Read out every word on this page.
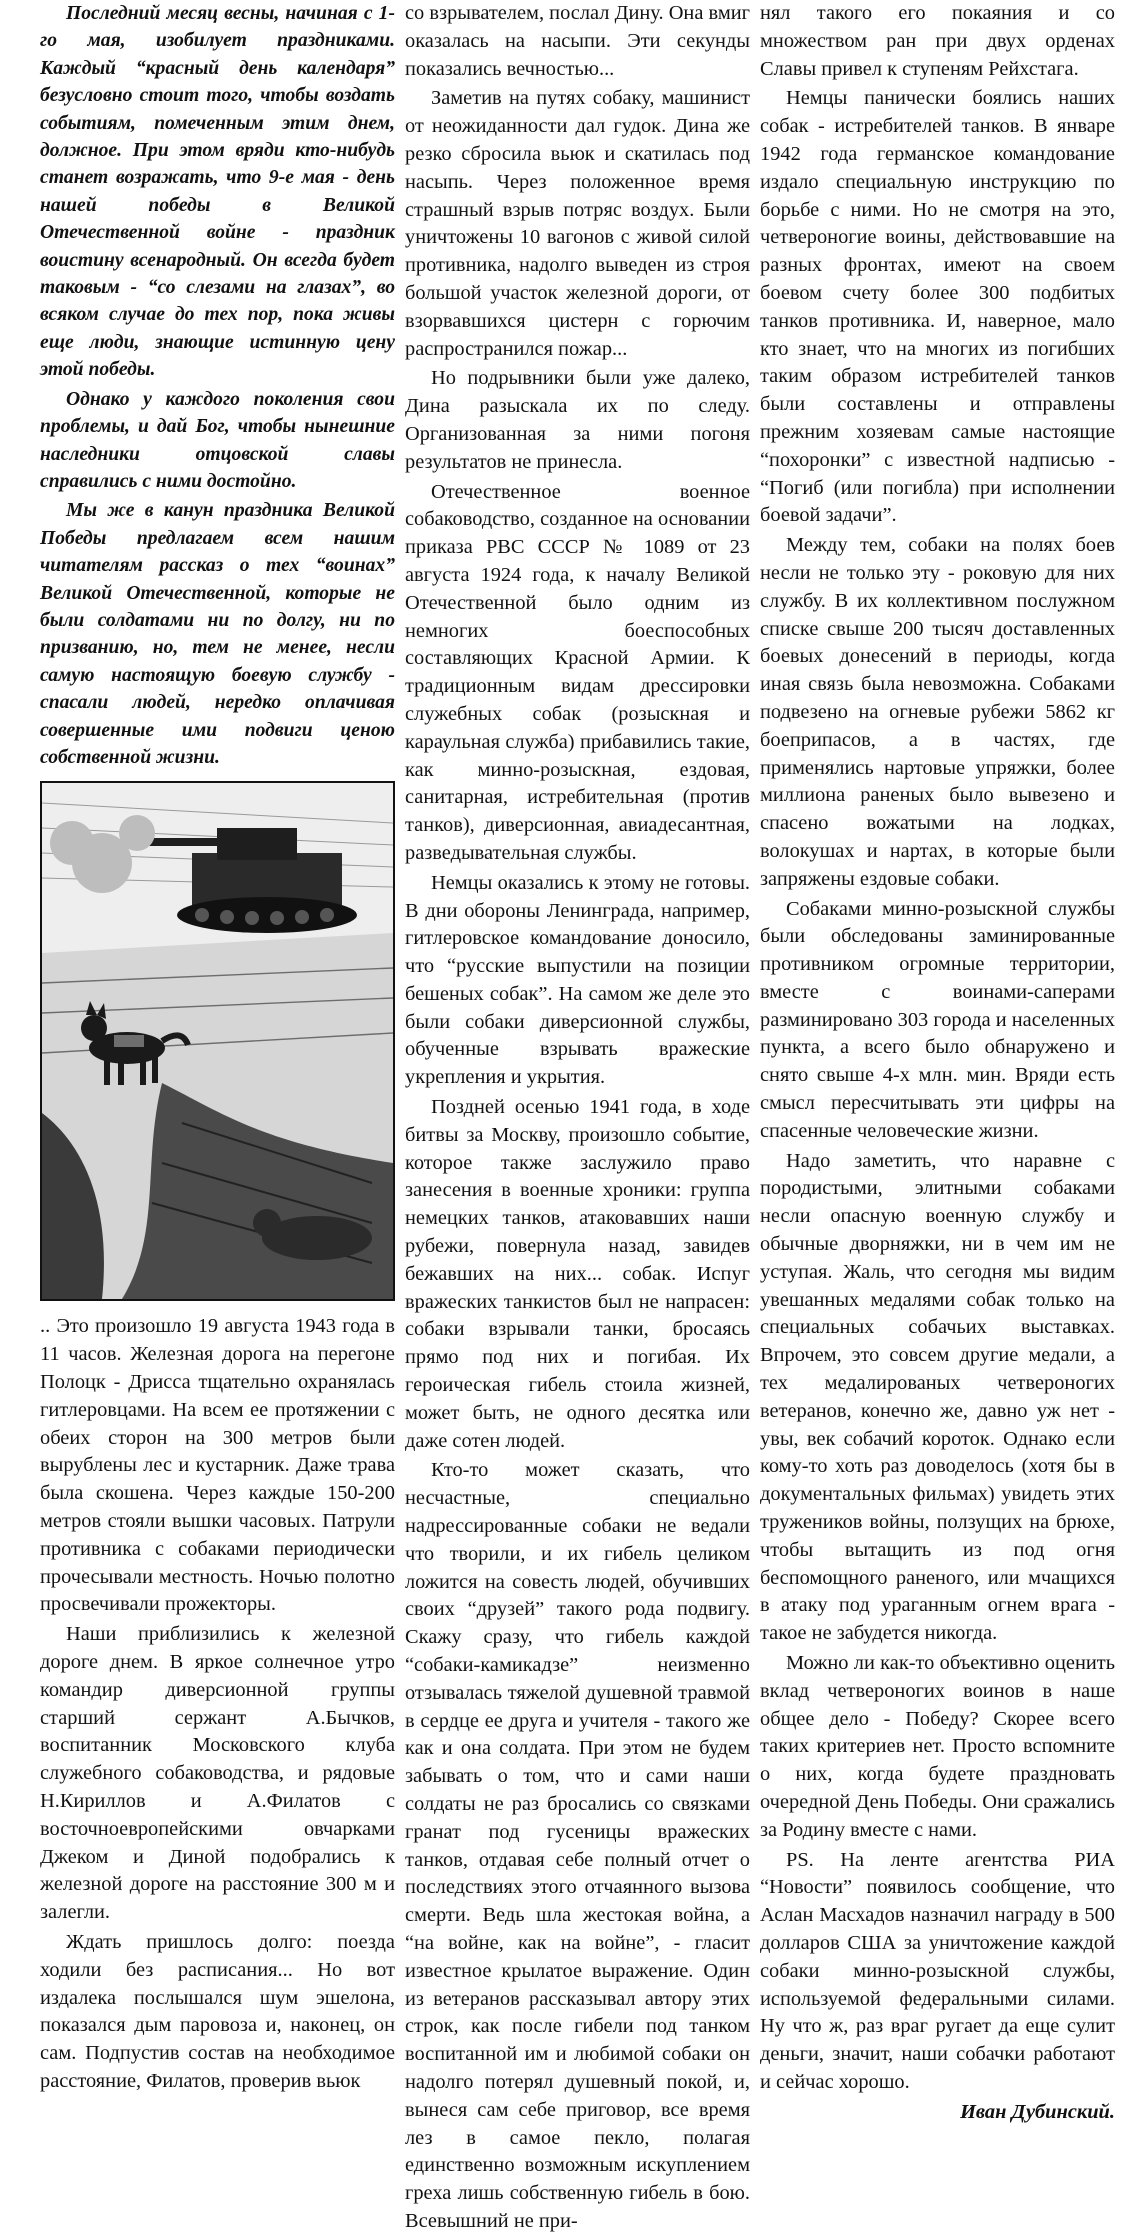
Последний месяц весны, начиная с 1-го мая, изобилует праздниками. Каждый “красный день календаря” безусловно стоит того, чтобы воздать событиям, помеченным этим днем, должное. При этом вряди кто-нибудь станет возражать, что 9-е мая - день нашей победы в Великой Отечественной войне - праздник воистину всенародный. Он всегда будет таковым - “со слезами на глазах”, во всяком случае до тех пор, пока живы еще люди, знающие истинную цену этой победы.

Однако у каждого поколения свои проблемы, и дай Бог, чтобы нынешние наследники отцовской славы справились с ними достойно.

Мы же в канун праздника Великой Победы предлагаем всем нашим читателям рассказ о тех “воинах” Великой Отечественной, которые не были солдатами ни по долгу, ни по призванию, но, тем не менее, несли самую настоящую боевую службу - спасали людей, нередко оплачивая совершенные ими подвиги ценою собственной жизни.

.. Это произошло 19 августа 1943 года в 11 часов. Железная дорога на перегоне Полоцк - Дрисса тщательно охранялась гитлеровцами. На всем ее протяжении с обеих сторон на 300 метров были вырублены лес и кустарник. Даже трава была скошена. Через каждые 150-200 метров стояли вышки часовых. Патрули противника с собаками периодически прочесывали местность. Ночью полотно просвечивали прожекторы.

Наши приблизились к железной дороге днем. В яркое солнечное утро командир диверсионной группы старший сержант А.Бычков, воспитанник Московского клуба служебного собаководства, и рядовые Н.Кириллов и А.Филатов с восточноевропейскими овчарками Джеком и Диной подобрались к железной дороге на расстояние 300 м и залегли.

Ждать пришлось долго: поезда ходили без расписания... Но вот издалека послышался шум эшелона, показался дым паровоза и, наконец, он сам. Подпустив состав на необходимое расстояние, Филатов, проверив вьюк

со взрывателем, послал Дину. Она вмиг оказалась на насыпи. Эти секунды показались вечностью...

Заметив на путях собаку, машинист от неожиданности дал гудок. Дина же резко сбросила вьюк и скатилась под насыпь. Через положенное время страшный взрыв потряс воздух. Были уничтожены 10 вагонов с живой силой противника, надолго выведен из строя большой участок железной дороги, от взорвавшихся цистерн с горючим распространился пожар...

Но подрывники были уже далеко, Дина разыскала их по следу. Организованная за ними погоня результатов не принесла.

Отечественное военное собаководство, созданное на основании приказа РВС СССР № 1089 от 23 августа 1924 года, к началу Великой Отечественной было одним из немногих боеспособных составляющих Красной Армии. К традиционным видам дрессировки служебных собак (розыскная и караульная служба) прибавились такие, как минно-розыскная, ездовая, санитарная, истребительная (против танков), диверсионная, авиадесантная, разведывательная службы.

Немцы оказались к этому не готовы. В дни обороны Ленинграда, например, гитлеровское командование доносило, что “русские выпустили на позиции бешеных собак”. На самом же деле это были собаки диверсионной службы, обученные взрывать вражеские укрепления и укрытия.

Поздней осенью 1941 года, в ходе битвы за Москву, произошло событие, которое также заслужило право занесения в военные хроники: группа немецких танков, атаковавших наши рубежи, повернула назад, завидев бежавших на них... собак. Испуг вражеских танкистов был не напрасен: собаки взрывали танки, бросаясь прямо под них и погибая. Их героическая гибель стоила жизней, может быть, не одного десятка или даже сотен людей.

Кто-то может сказать, что несчастные, специально надрессированные собаки не ведали что творили, и их гибель целиком ложится на совесть людей, обучивших своих “друзей” такого рода подвигу. Скажу сразу, что гибель каждой “собаки-камикадзе” неизменно отзывалась тяжелой душевной травмой в сердце ее друга и учителя - такого же как и она солдата. При этом не будем забывать о том, что и сами наши солдаты не раз бросались со связками гранат под гусеницы вражеских танков, отдавая себе полный отчет о последствиях этого отчаянного вызова смерти. Ведь шла жестокая война, а “на войне, как на войне”, - гласит известное крылатое выражение. Один из ветеранов рассказывал автору этих строк, как после гибели под танком воспитанной им и любимой собаки он надолго потерял душевный покой, и, вынеся сам себе приговор, все время лез в самое пекло, полагая единственно возможным искуплением греха лишь собственную гибель в бою. Всевышний не при-

нял такого его покаяния и со множеством ран при двух орденах Славы привел к ступеням Рейхстага.

Немцы панически боялись наших собак - истребителей танков. В январе 1942 года германское командование издало специальную инструкцию по борьбе с ними. Но не смотря на это, четвероногие воины, действовавшие на разных фронтах, имеют на своем боевом счету более 300 подбитых танков противника. И, наверное, мало кто знает, что на многих из погибших таким образом истребителей танков были составлены и отправлены прежним хозяевам самые настоящие “похоронки” с известной надписью - “Погиб (или погибла) при исполнении боевой задачи”.

Между тем, собаки на полях боев несли не только эту - роковую для них службу. В их коллективном послужном списке свыше 200 тысяч доставленных боевых донесений в периоды, когда иная связь была невозможна. Собаками подвезено на огневые рубежи 5862 кг боеприпасов, а в частях, где применялись нартовые упряжки, более миллиона раненых было вывезено и спасено вожатыми на лодках, волокушах и нартах, в которые были запряжены ездовые собаки.

Собаками минно-розыскной службы были обследованы заминированные противником огромные территории, вместе с воинами-саперами разминировано 303 города и населенных пункта, а всего было обнаружено и снято свыше 4-х млн. мин. Вряди есть смысл пересчитывать эти цифры на спасенные человеческие жизни.

Надо заметить, что наравне с породистыми, элитными собаками несли опасную военную службу и обычные дворняжки, ни в чем им не уступая. Жаль, что сегодня мы видим увешанных медалями собак только на специальных собачьих выставках. Впрочем, это совсем другие медали, а тех медалированых четвероногих ветеранов, конечно же, давно уж нет - увы, век собачий короток. Однако если кому-то хоть раз доводелось (хотя бы в документальных фильмах) увидеть этих тружеников войны, ползущих на брюхе, чтобы вытащить из под огня беспомощного раненого, или мчащихся в атаку под ураганным огнем врага - такое не забудется никогда.

Можно ли как-то объективно оценить вклад четвероногих воинов в наше общее дело - Победу? Скорее всего таких критериев нет. Просто вспомните о них, когда будете праздновать очередной День Победы. Они сражались за Родину вместе с нами.

PS. На ленте агентства РИА “Новости” появилось сообщение, что Аслан Масхадов назначил награду в 500 долларов США за уничтожение каждой собаки минно-розыскной службы, используемой федеральными силами. Ну что ж, раз враг ругает да еще сулит деньги, значит, наши собачки работают и сейчас хорошо.

Иван Дубинский.
